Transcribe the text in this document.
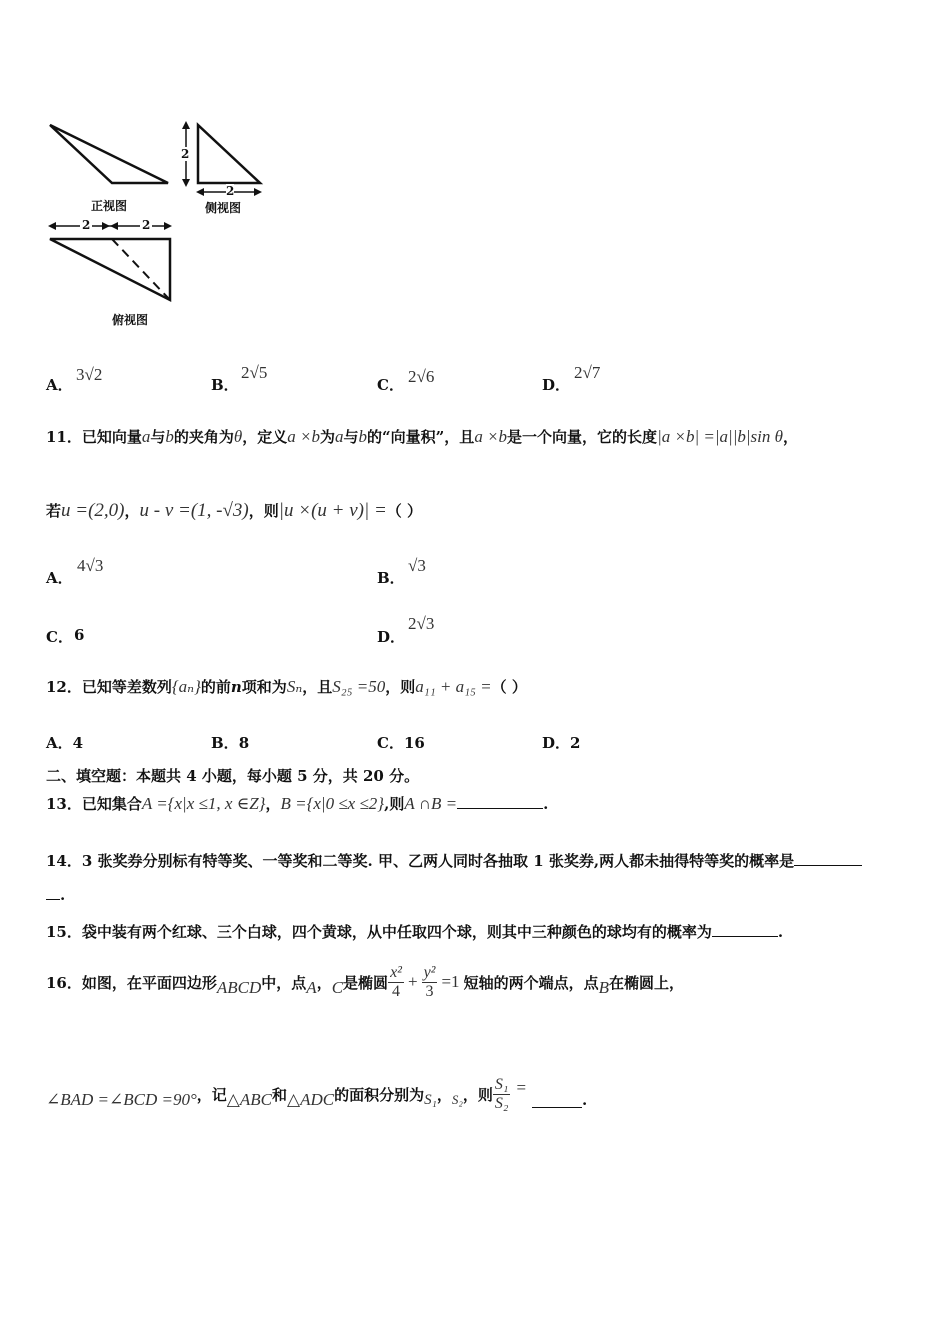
正视图	侧视图
俯视图
2
2
2	2
A．
3√2
B．
2√5
C． 2√6	D．
2√7
11．已知向量a与b的夹角为θ，定义a ×b为a与b的“向量积”，且a ×b是一个向量，它的长度|a ×b| =|a||b|sin θ，
若u =(2,0)，u - v =(1, -√3)，则|u ×(u + v)| =（ ）
A．
4√3
B．
√3
C． 6	D．
2√3
12．已知等差数列{aₙ}的前n项和为Sₙ，且S₂₅ =50，则a₁₁ + a₁₅ =（ ）
A．4	B．8	C．16	D．2
二、填空题：本题共 4 小题，每小题 5 分，共 20 分。
13．已知集合A ={x|x ≤1, x ∈Z}，B ={x|0 ≤x ≤2},则A ∩B =	.
14．3 张奖券分别标有特等奖、一等奖和二等奖. 甲、乙两人同时各抽取 1 张奖券,两人都未抽得特等奖的概率是
.
15．袋中装有两个红球、三个白球，四个黄球，从中任取四个球，则其中三种颜色的球均有的概率为	.
16．如图，在平面四边形 ABCD 中，点 A ， C 是椭圆 $\frac{\text{x²}}{4} + \frac{\text{y²}}{3} =1$ 短轴的两个端点，点 B 在椭圆上，
∠BAD =∠BCD =90° ，记 △ABC 和 △ADC 的面积分别为 S₁ ， S₂ ，则 $\frac{\text{S₁}}{\text{S₂}}$ =
.
